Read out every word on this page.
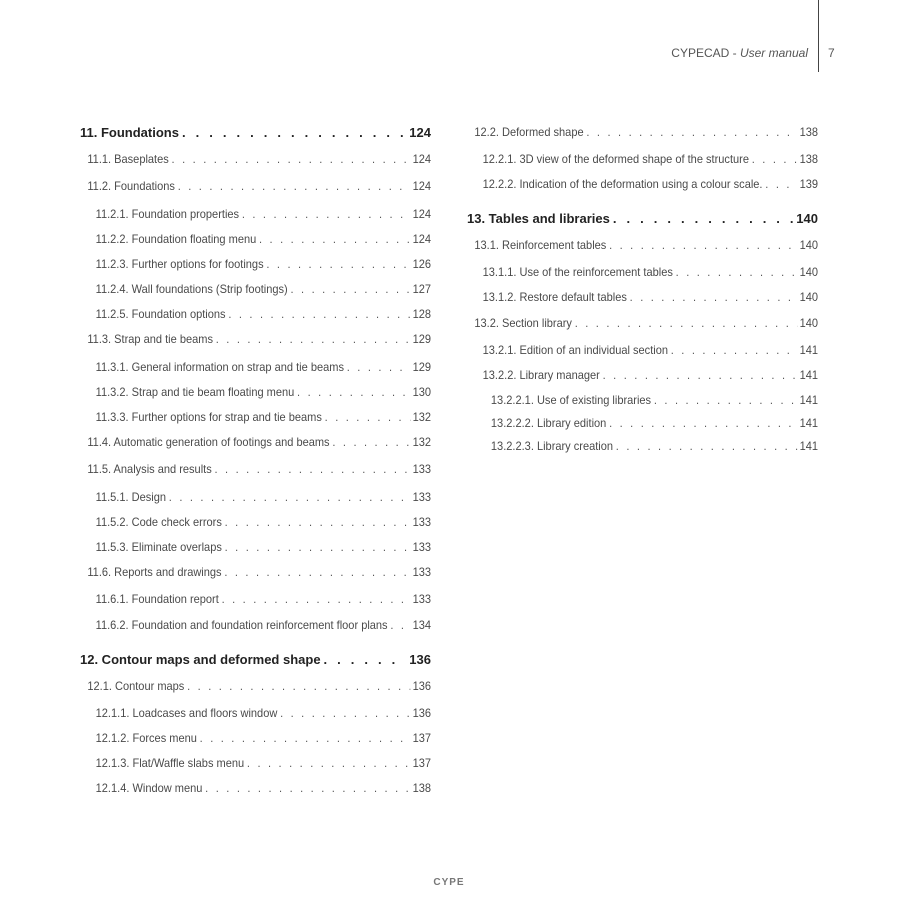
CYPECAD - User manual 7
11. Foundations . . .	124
11.1. Baseplates . . .	124
11.2. Foundations . . .	124
11.2.1. Foundation properties . . .	124
11.2.2. Foundation floating menu . . .	124
11.2.3. Further options for footings . . .	126
11.2.4. Wall foundations (Strip footings) . . .	127
11.2.5. Foundation options . . .	128
11.3. Strap and tie beams . . .	129
11.3.1. General information on strap and tie beams . . .	129
11.3.2. Strap and tie beam floating menu . . .	130
11.3.3. Further options for strap and tie beams . . .	132
11.4. Automatic generation of footings and beams . . .	132
11.5. Analysis and results . . .	133
11.5.1. Design . . .	133
11.5.2. Code check errors . . .	133
11.5.3. Eliminate overlaps . . .	133
11.6. Reports and drawings . . .	133
11.6.1. Foundation report . . .	133
11.6.2. Foundation and foundation reinforcement floor plans . . . 134
12. Contour maps and deformed shape . . .	136
12.1. Contour maps . . .	136
12.1.1. Loadcases and floors window . . .	136
12.1.2. Forces menu . . .	137
12.1.3. Flat/Waffle slabs menu . . .	137
12.1.4. Window menu . . .	138
12.2. Deformed shape . . .	138
12.2.1. 3D view of the deformed shape of the structure . . .	138
12.2.2. Indication of the deformation using a colour scale. . . .	139
13. Tables and libraries . . .	140
13.1. Reinforcement tables . . .	140
13.1.1. Use of the reinforcement tables . . .	140
13.1.2. Restore default tables . . .	140
13.2. Section library . . .	140
13.2.1. Edition of an individual section . . .	141
13.2.2. Library manager . . .	141
13.2.2.1. Use of existing libraries . . .	141
13.2.2.2. Library edition . . .	141
13.2.2.3. Library creation . . .	141
CYPE
